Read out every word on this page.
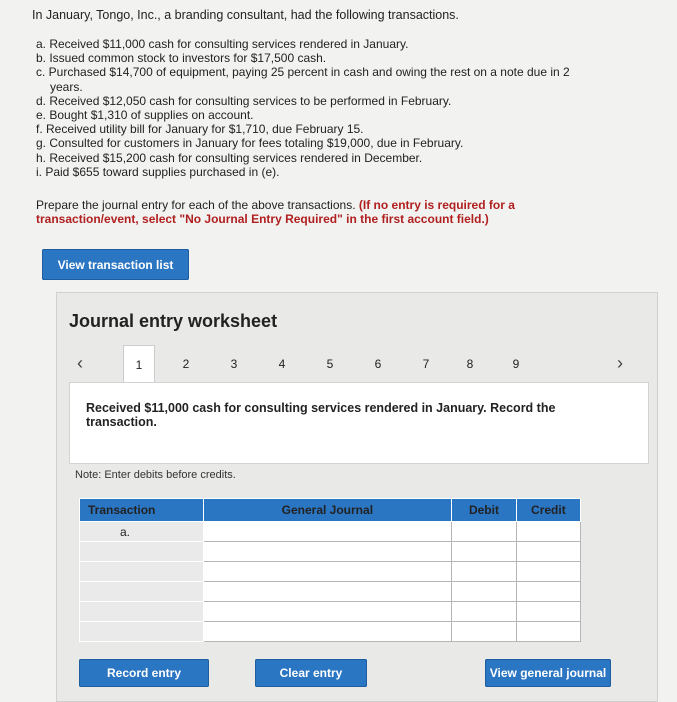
In January, Tongo, Inc., a branding consultant, had the following transactions.
a. Received $11,000 cash for consulting services rendered in January.
b. Issued common stock to investors for $17,500 cash.
c. Purchased $14,700 of equipment, paying 25 percent in cash and owing the rest on a note due in 2
years.
d. Received $12,050 cash for consulting services to be performed in February.
e. Bought $1,310 of supplies on account.
f. Received utility bill for January for $1,710, due February 15.
g. Consulted for customers in January for fees totaling $19,000, due in February.
h. Received $15,200 cash for consulting services rendered in December.
i. Paid $655 toward supplies purchased in (e).
Prepare the journal entry for each of the above transactions. (If no entry is required for a transaction/event, select "No Journal Entry Required" in the first account field.)
View transaction list
Journal entry worksheet
‹	1	2	3	4	5	6	7	8	9	›
Received $11,000 cash for consulting services rendered in January. Record the transaction.
Note: Enter debits before credits.
Transaction	General Journal	Debit	Credit
a.			

Record entry	Clear entry	View general journal
